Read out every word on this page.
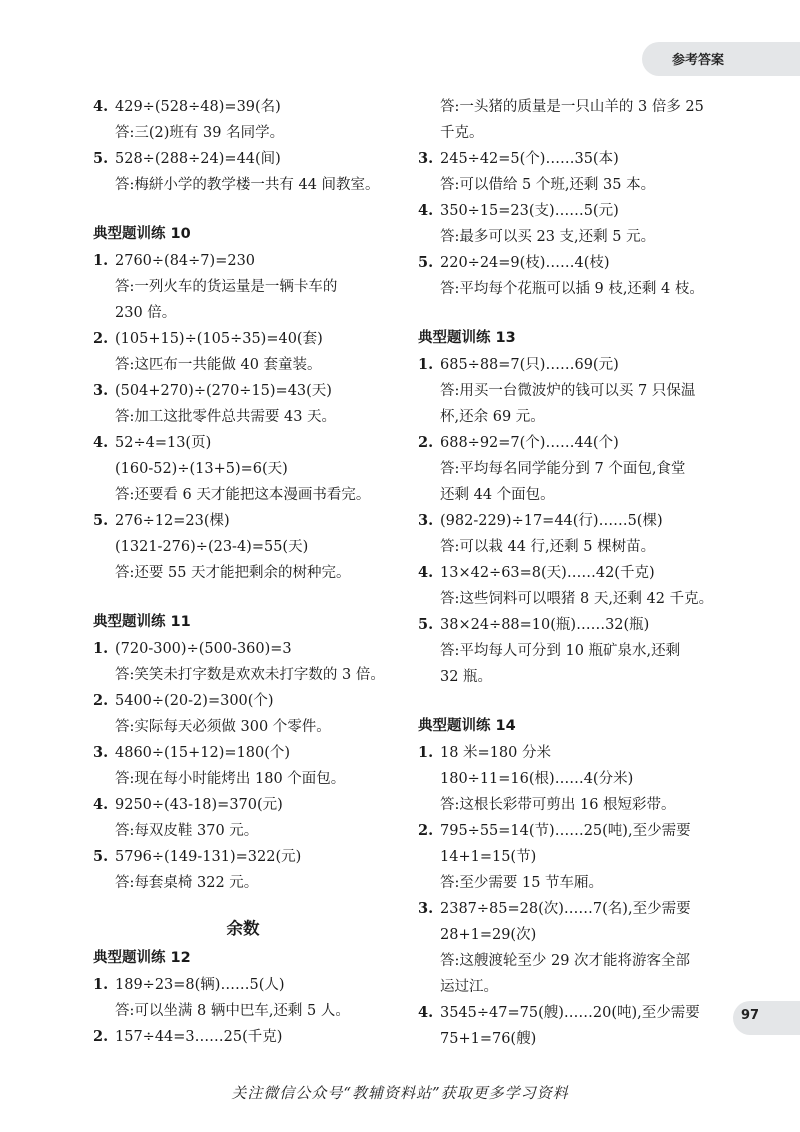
参考答案
4. 429÷(528÷48)=39(名)
答:三(2)班有 39 名同学。
5. 528÷(288÷24)=44(间)
答:梅絣小学的教学楼一共有 44 间教室。
典型题训练 10
1. 2760÷(84÷7)=230
答:一列火车的货运量是一辆卡车的
230 倍。
2. (105+15)÷(105÷35)=40(套)
答:这匹布一共能做 40 套童装。
3. (504+270)÷(270÷15)=43(天)
答:加工这批零件总共需要 43 天。
4. 52÷4=13(页)
(160-52)÷(13+5)=6(天)
答:还要看 6 天才能把这本漫画书看完。
5. 276÷12=23(棵)
(1321-276)÷(23-4)=55(天)
答:还要 55 天才能把剩余的树种完。
典型题训练 11
1. (720-300)÷(500-360)=3
答:笑笑未打字数是欢欢未打字数的 3 倍。
2. 5400÷(20-2)=300(个)
答:实际每天必须做 300 个零件。
3. 4860÷(15+12)=180(个)
答:现在每小时能烤出 180 个面包。
4. 9250÷(43-18)=370(元)
答:每双皮鞋 370 元。
5. 5796÷(149-131)=322(元)
答:每套桌椅 322 元。
余数
典型题训练 12
1. 189÷23=8(辆)……5(人)
答:可以坐满 8 辆中巴车,还剩 5 人。
2. 157÷44=3……25(千克)
答:一头猪的质量是一只山羊的 3 倍多 25
千克。
3. 245÷42=5(个)……35(本)
答:可以借给 5 个班,还剩 35 本。
4. 350÷15=23(支)……5(元)
答:最多可以买 23 支,还剩 5 元。
5. 220÷24=9(枝)……4(枝)
答:平均每个花瓶可以插 9 枝,还剩 4 枝。
典型题训练 13
1. 685÷88=7(只)……69(元)
答:用买一台微波炉的钱可以买 7 只保温
杯,还余 69 元。
2. 688÷92=7(个)……44(个)
答:平均每名同学能分到 7 个面包,食堂
还剩 44 个面包。
3. (982-229)÷17=44(行)……5(棵)
答:可以栽 44 行,还剩 5 棵树苗。
4. 13×42÷63=8(天)……42(千克)
答:这些饲料可以喂猪 8 天,还剩 42 千克。
5. 38×24÷88=10(瓶)……32(瓶)
答:平均每人可分到 10 瓶矿泉水,还剩
32 瓶。
典型题训练 14
1. 18 米=180 分米
180÷11=16(根)……4(分米)
答:这根长彩带可剪出 16 根短彩带。
2. 795÷55=14(节)……25(吨),至少需要
14+1=15(节)
答:至少需要 15 节车厢。
3. 2387÷85=28(次)……7(名),至少需要
28+1=29(次)
答:这艘渡轮至少 29 次才能将游客全部
运过江。
4. 3545÷47=75(艘)……20(吨),至少需要
75+1=76(艘)
97
关注微信公众号“教辅资料站”获取更多学习资料
